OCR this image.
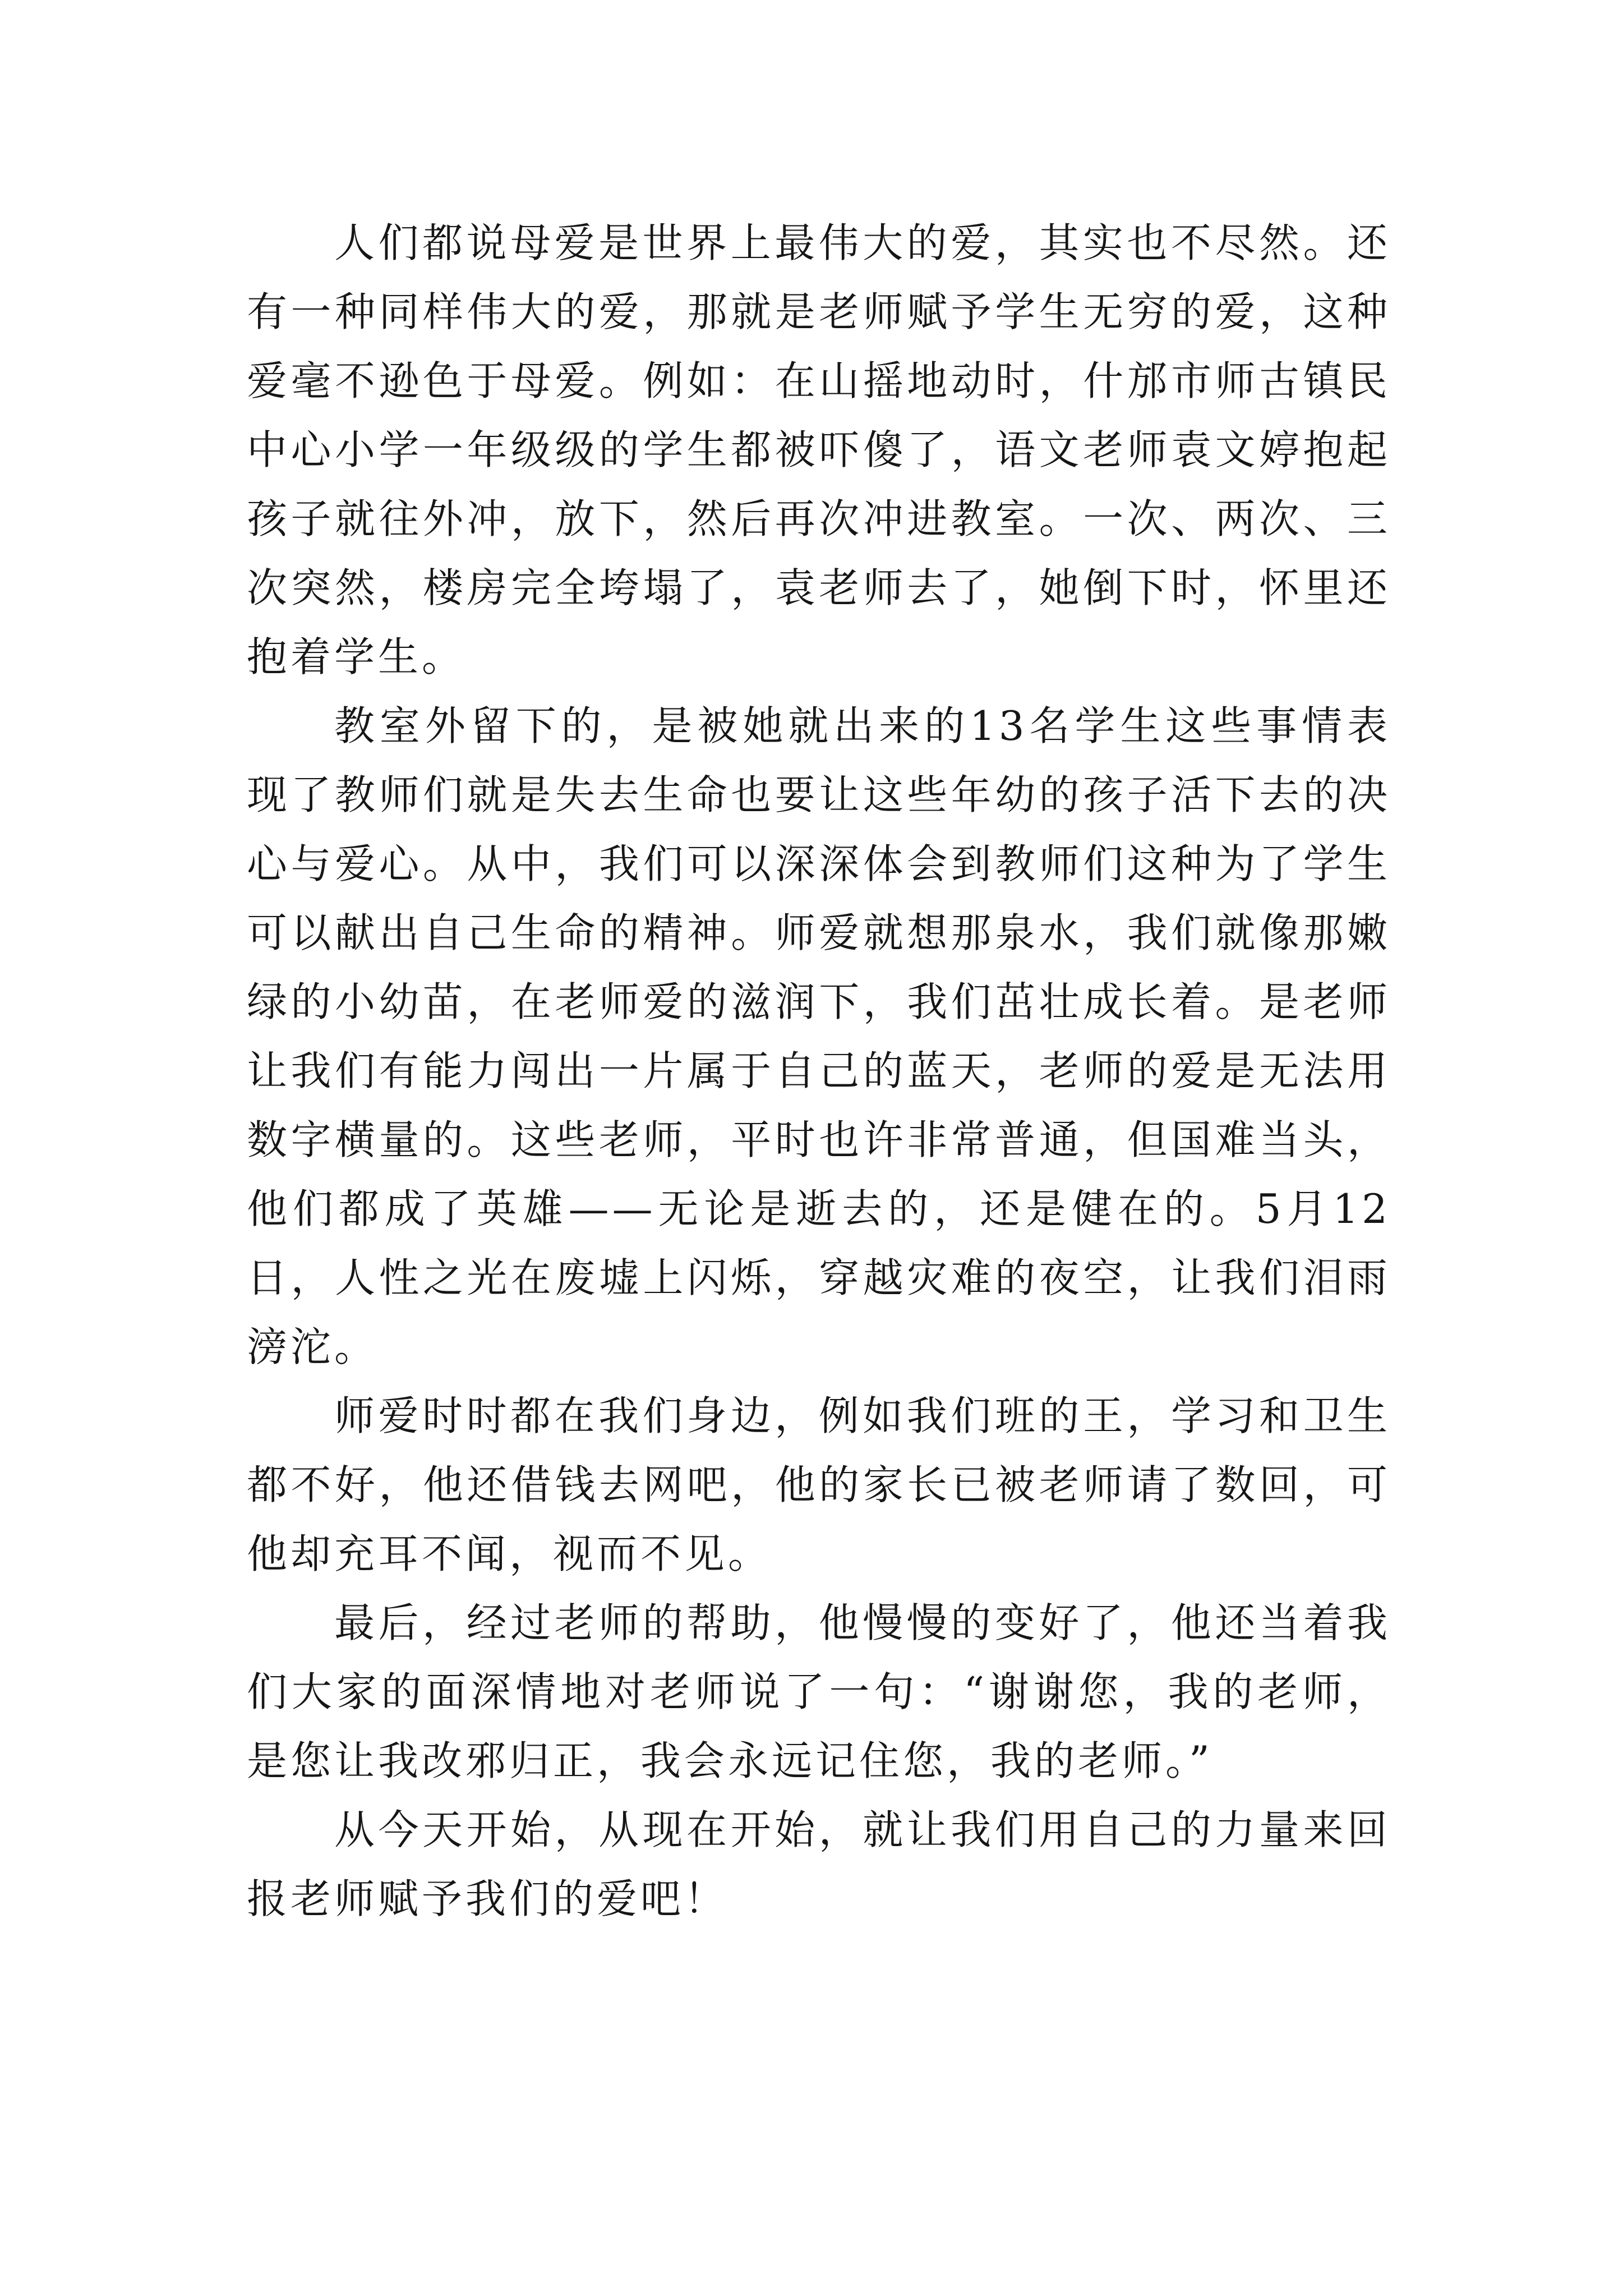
人们都说母爱是世界上最伟大的爱，其实也不尽然。还有一种同样伟大的爱，那就是老师赋予学生无穷的爱，这种爱毫不逊色于母爱。例如：在山摇地动时，什邡市师古镇民中心小学一年级级的学生都被吓傻了，语文老师袁文婷抱起孩子就往外冲，放下，然后再次冲进教室。一次、两次、三次突然，楼房完全垮塌了，袁老师去了，她倒下时，怀里还抱着学生。

教室外留下的，是被她就出来的13名学生这些事情表现了教师们就是失去生命也要让这些年幼的孩子活下去的决心与爱心。从中，我们可以深深体会到教师们这种为了学生可以献出自己生命的精神。师爱就想那泉水，我们就像那嫩绿的小幼苗，在老师爱的滋润下，我们茁壮成长着。是老师让我们有能力闯出一片属于自己的蓝天，老师的爱是无法用数字横量的。这些老师，平时也许非常普通，但国难当头，他们都成了英雄——无论是逝去的，还是健在的。5月12日，人性之光在废墟上闪烁，穿越灾难的夜空，让我们泪雨滂沱。

师爱时时都在我们身边，例如我们班的王，学习和卫生都不好，他还借钱去网吧，他的家长已被老师请了数回，可他却充耳不闻，视而不见。

最后，经过老师的帮助，他慢慢的变好了，他还当着我们大家的面深情地对老师说了一句：“谢谢您，我的老师，是您让我改邪归正，我会永远记住您，我的老师。”

从今天开始，从现在开始，就让我们用自己的力量来回报老师赋予我们的爱吧！
